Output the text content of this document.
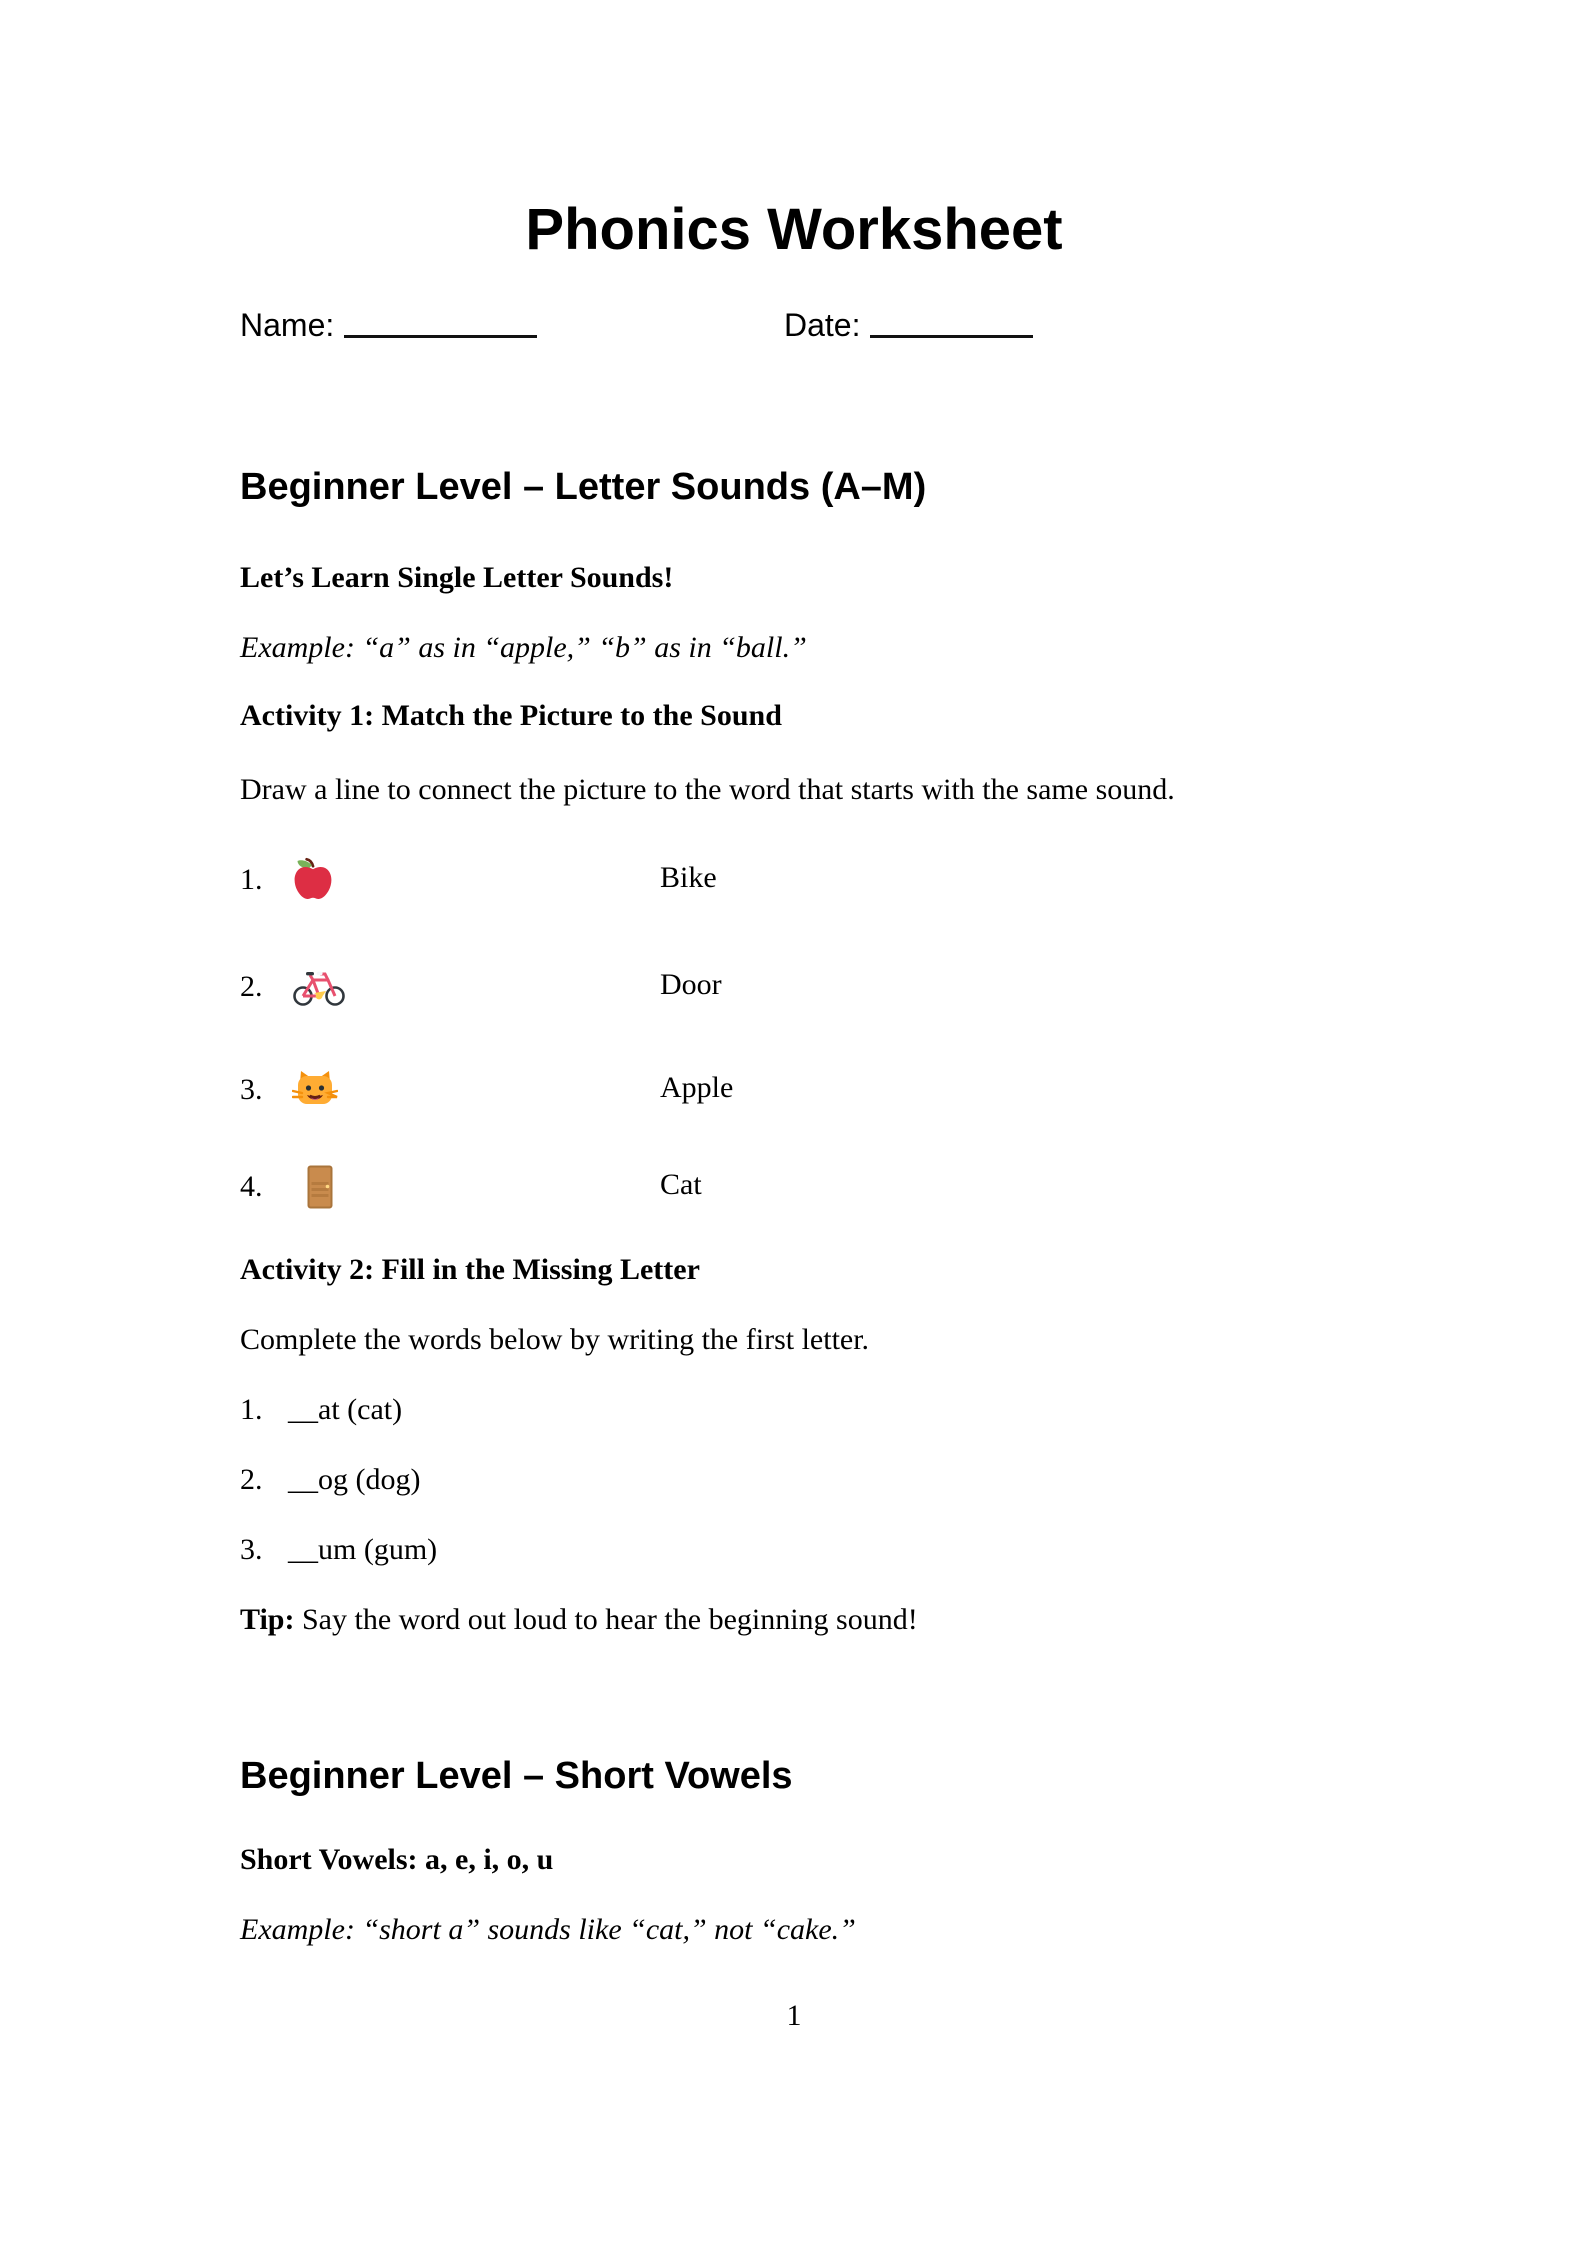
Phonics Worksheet
Name:	Date:
Beginner Level – Letter Sounds (A–M)
Let’s Learn Single Letter Sounds!
Example: “a” as in “apple,” “b” as in “ball.”
Activity 1: Match the Picture to the Sound
Draw a line to connect the picture to the word that starts with the same sound.
1.	Bike
2.	Door
3.	Apple
4.	Cat
Activity 2: Fill in the Missing Letter
Complete the words below by writing the first letter.
1. __at (cat)
2. __og (dog)
3. __um (gum)
Tip: Say the word out loud to hear the beginning sound!
Beginner Level – Short Vowels
Short Vowels: a, e, i, o, u
Example: “short a” sounds like “cat,” not “cake.”
1
